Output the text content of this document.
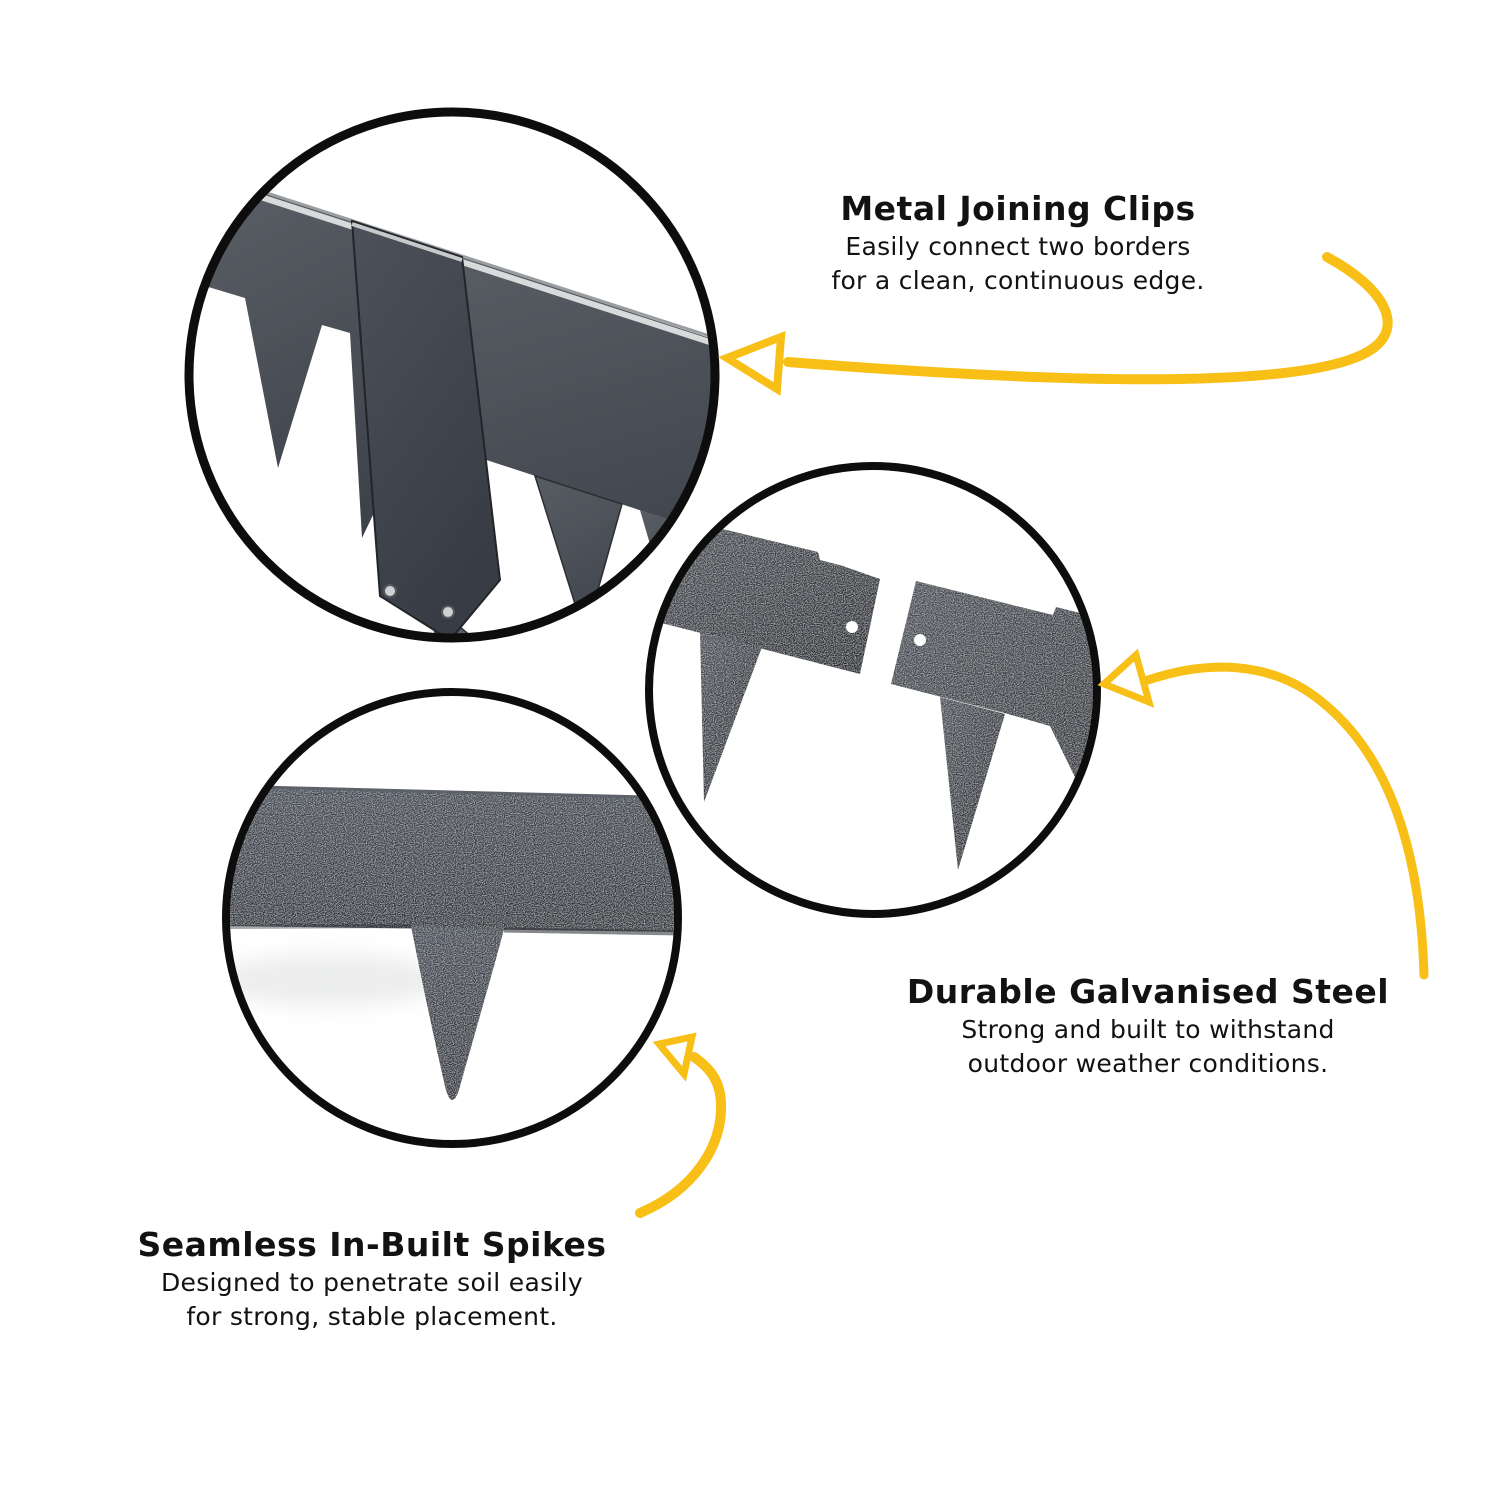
Metal Joining Clips
Easily connect two borders
for a clean, continuous edge.
Durable Galvanised Steel
Strong and built to withstand
outdoor weather conditions.
Seamless In-Built Spikes
Designed to penetrate soil easily
for strong, stable placement.
